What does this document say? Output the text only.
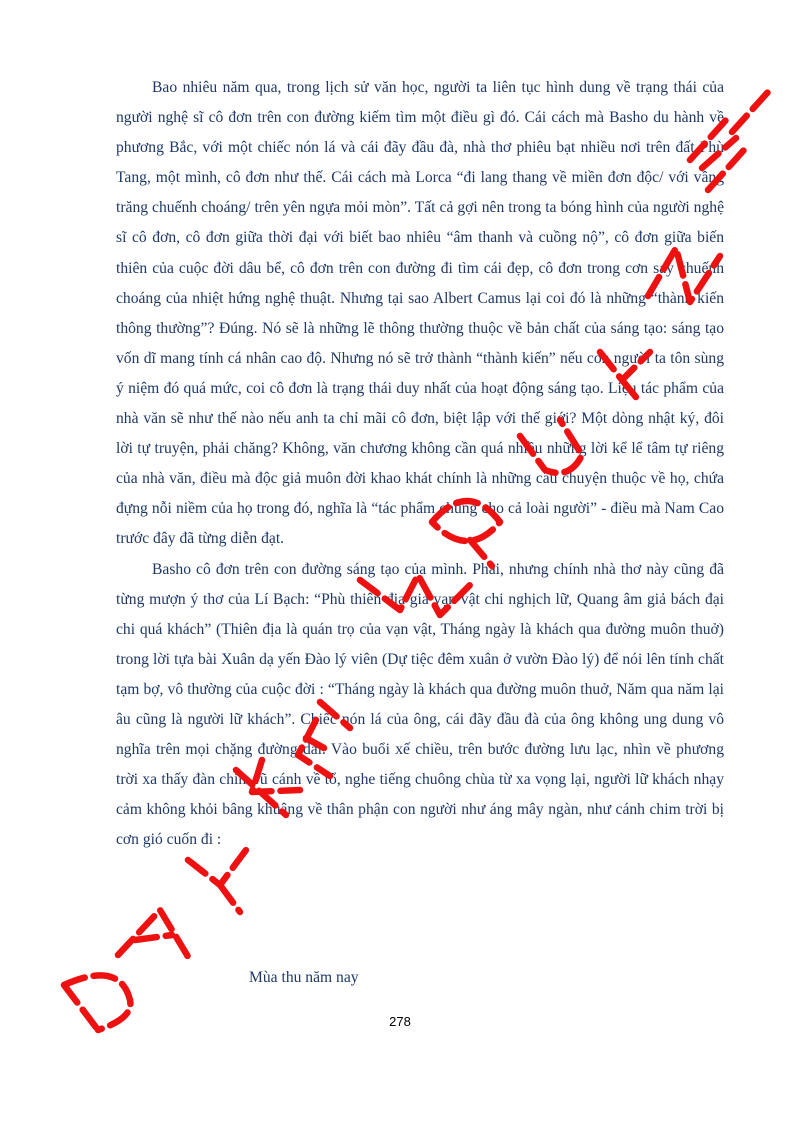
Bao nhiêu năm qua, trong lịch sử văn học, người ta liên tục hình dung về trạng thái của người nghệ sĩ cô đơn trên con đường kiếm tìm một điều gì đó. Cái cách mà Basho du hành về phương Bắc, với một chiếc nón lá và cái đãy đầu đà, nhà thơ phiêu bạt nhiều nơi trên đất Phù Tang, một mình, cô đơn như thế. Cái cách mà Lorca “đi lang thang về miền đơn độc/ với vầng trăng chuếnh choáng/ trên yên ngựa mỏi mòn”. Tất cả gợi nên trong ta bóng hình của người nghệ sĩ cô đơn, cô đơn giữa thời đại với biết bao nhiêu “âm thanh và cuồng nộ”, cô đơn giữa biến thiên của cuộc đời dâu bể, cô đơn trên con đường đi tìm cái đẹp, cô đơn trong cơn say chuếnh choáng của nhiệt hứng nghệ thuật. Nhưng tại sao Albert Camus lại coi đó là những “thành kiến thông thường”? Đúng. Nó sẽ là những lẽ thông thường thuộc về bản chất của sáng tạo: sáng tạo vốn dĩ mang tính cá nhân cao độ. Nhưng nó sẽ trở thành “thành kiến” nếu con người ta tôn sùng ý niệm đó quá mức, coi cô đơn là trạng thái duy nhất của hoạt động sáng tạo. Liệu tác phẩm của nhà văn sẽ như thế nào nếu anh ta chỉ mãi cô đơn, biệt lập với thế giới? Một dòng nhật ký, đôi lời tự truyện, phải chăng? Không, văn chương không cần quá nhiều những lời kể lể tâm tự riêng của nhà văn, điều mà độc giả muôn đời khao khát chính là những câu chuyện thuộc về họ, chứa đựng nỗi niềm của họ trong đó, nghĩa là “tác phẩm chung cho cả loài người” - điều mà Nam Cao trước đây đã từng diễn đạt.

Basho cô đơn trên con đường sáng tạo của mình. Phải, nhưng chính nhà thơ này cũng đã từng mượn ý thơ của Lí Bạch: “Phù thiên địa giả vạn vật chi nghịch lữ, Quang âm giả bách đại chi quá khách” (Thiên địa là quán trọ của vạn vật, Tháng ngày là khách qua đường muôn thuở) trong lời tựa bài Xuân dạ yến Đào lý viên (Dự tiệc đêm xuân ở vườn Đào lý) để nói lên tính chất tạm bợ, vô thường của cuộc đời : “Tháng ngày là khách qua đường muôn thuở, Năm qua năm lại âu cũng là người lữ khách”. Chiếc nón lá của ông, cái đãy đầu đà của ông không ung dung vô nghĩa trên mọi chặng đường dài. Vào buổi xế chiều, trên bước đường lưu lạc, nhìn về phương trời xa thấy đàn chim rũ cánh về tổ, nghe tiếng chuông chùa từ xa vọng lại, người lữ khách nhạy cảm không khỏi bâng khuâng về thân phận con người như áng mây ngàn, như cánh chim trời bị cơn gió cuốn đi :

Mùa thu năm nay

278
